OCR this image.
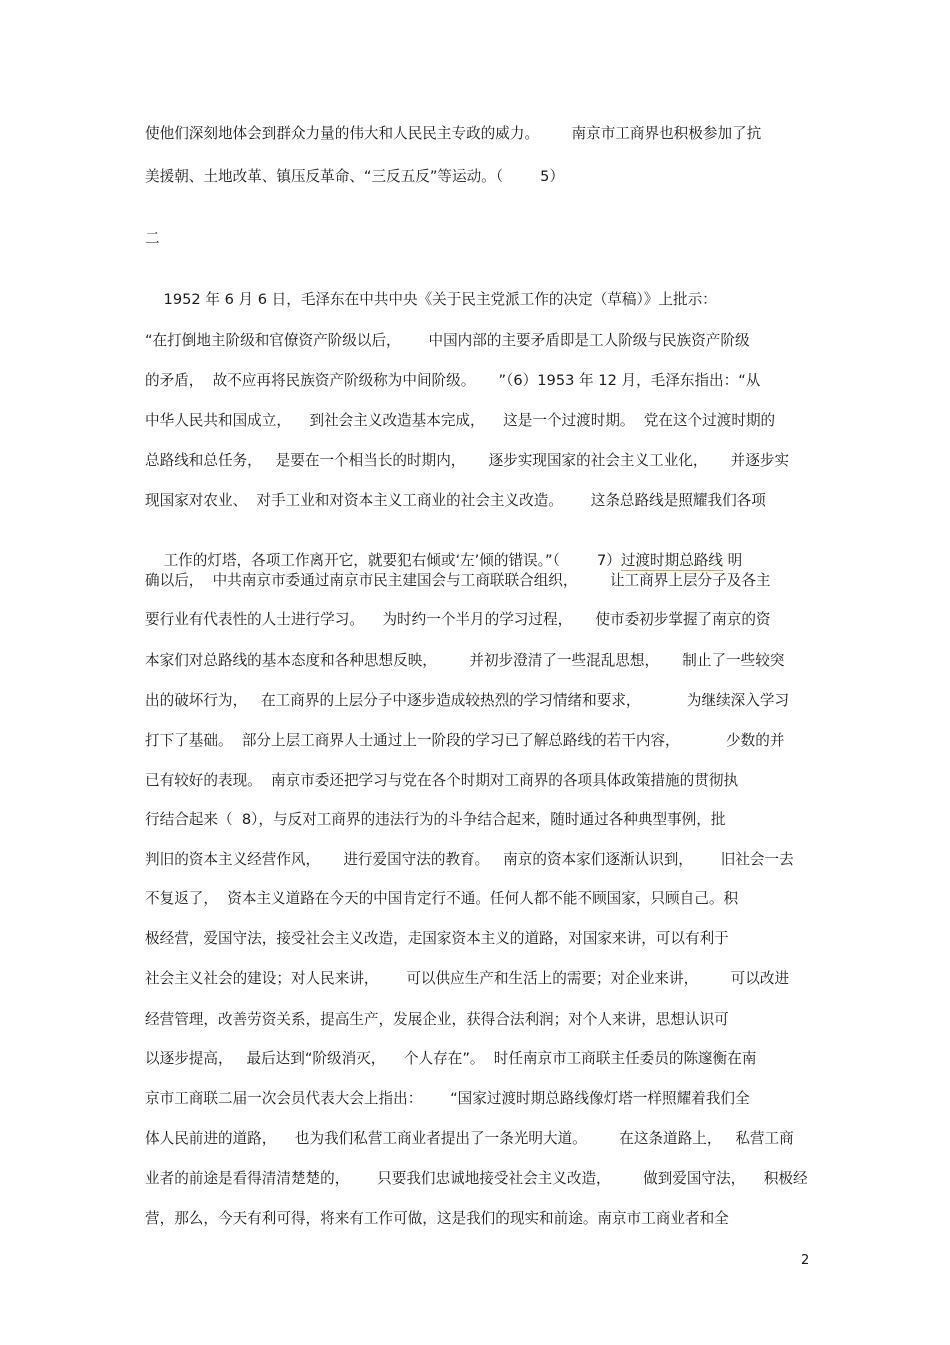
使他们深刻地体会到群众力量的伟大和人民民主专政的威力。       南京市工商界也积极参加了抗
美援朝、土地改革、镇压反革命、“三反五反”等运动。（        5）
二
1952 年 6 月 6 日，毛泽东在中共中央《关于民主党派工作的决定（草稿）》上批示：
“在打倒地主阶级和官僚资产阶级以后，      中国内部的主要矛盾即是工人阶级与民族资产阶级
的矛盾，  故不应再将民族资产阶级称为中间阶级。     ”（6）1953 年 12 月，毛泽东指出：“从
中华人民共和国成立，    到社会主义改造基本完成，    这是一个过渡时期。  党在这个过渡时期的
总路线和总任务，   是要在一个相当长的时期内，     逐步实现国家的社会主义工业化，     并逐步实
现国家对农业、  对手工业和对资本主义工商业的社会主义改造。      这条总路线是照耀我们各项

工作的灯塔，各项工作离开它，就要犯右倾或‘左’倾的错误。”（        7）过渡时期总路线 明

确以后，  中共南京市委通过南京市民主建国会与工商联联合组织，       让工商界上层分子及各主
要行业有代表性的人士进行学习。    为时约一个半月的学习过程，     使市委初步掌握了南京的资
本家们对总路线的基本态度和各种思想反映，       并初步澄清了一些混乱思想，     制止了一些较突
出的破坏行为，   在工商界的上层分子中逐步造成较热烈的学习情绪和要求，          为继续深入学习
打下了基础。  部分上层工商界人士通过上一阶段的学习已了解总路线的若干内容，          少数的并
已有较好的表现。  南京市委还把学习与党在各个时期对工商界的各项具体政策措施的贯彻执
行结合起来（  8），与反对工商界的违法行为的斗争结合起来，随时通过各种典型事例，批
判旧的资本主义经营作风，     进行爱国守法的教育。   南京的资本家们逐渐认识到，      旧社会一去
不复返了，  资本主义道路在今天的中国肯定行不通。任何人都不能不顾国家，只顾自己。积
极经营，爱国守法，接受社会主义改造，走国家资本主义的道路，对国家来讲，可以有利于
社会主义社会的建设；对人民来讲，      可以供应生产和生活上的需要；对企业来讲，       可以改进
经营管理，改善劳资关系，提高生产，发展企业，获得合法利润；对个人来讲，思想认识可
以逐步提高，   最后达到“阶级消灭，    个人存在”。  时任南京市工商联主任委员的陈邃衡在南
京市工商联二届一次会员代表大会上指出：      “国家过渡时期总路线像灯塔一样照耀着我们全
体人民前进的道路，    也为我们私营工商业者提出了一条光明大道。       在这条道路上，   私营工商
业者的前途是看得清清楚楚的，      只要我们忠诚地接受社会主义改造，       做到爱国守法，    积极经
营，那么，今天有利可得，将来有工作可做，这是我们的现实和前途。南京市工商业者和全
2
